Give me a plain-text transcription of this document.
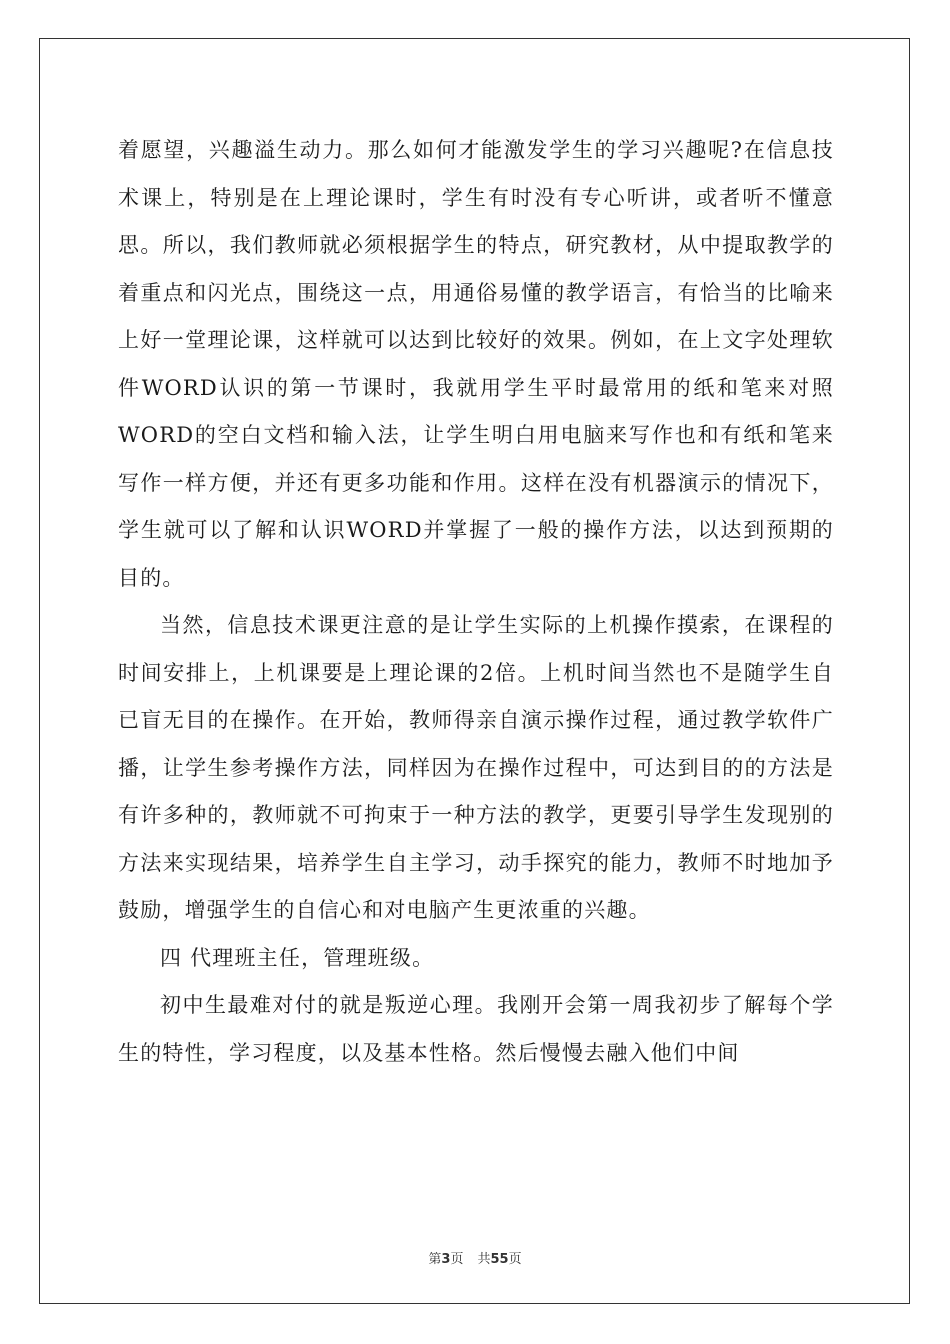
着愿望，兴趣溢生动力。那么如何才能激发学生的学习兴趣呢?在信息技术课上，特别是在上理论课时，学生有时没有专心听讲，或者听不懂意思。所以，我们教师就必须根据学生的特点，研究教材，从中提取教学的着重点和闪光点，围绕这一点，用通俗易懂的教学语言，有恰当的比喻来上好一堂理论课，这样就可以达到比较好的效果。例如，在上文字处理软件WORD认识的第一节课时，我就用学生平时最常用的纸和笔来对照WORD的空白文档和输入法，让学生明白用电脑来写作也和有纸和笔来写作一样方便，并还有更多功能和作用。这样在没有机器演示的情况下，学生就可以了解和认识WORD并掌握了一般的操作方法，以达到预期的目的。

当然，信息技术课更注意的是让学生实际的上机操作摸索，在课程的时间安排上，上机课要是上理论课的2倍。上机时间当然也不是随学生自已盲无目的在操作。在开始，教师得亲自演示操作过程，通过教学软件广播，让学生参考操作方法，同样因为在操作过程中，可达到目的的方法是有许多种的，教师就不可拘束于一种方法的教学，更要引导学生发现别的方法来实现结果，培养学生自主学习，动手探究的能力，教师不时地加予鼓励，增强学生的自信心和对电脑产生更浓重的兴趣。

四 代理班主任，管理班级。

初中生最难对付的就是叛逆心理。我刚开会第一周我初步了解每个学生的特性，学习程度，以及基本性格。然后慢慢去融入他们中间

第3页 共55页
